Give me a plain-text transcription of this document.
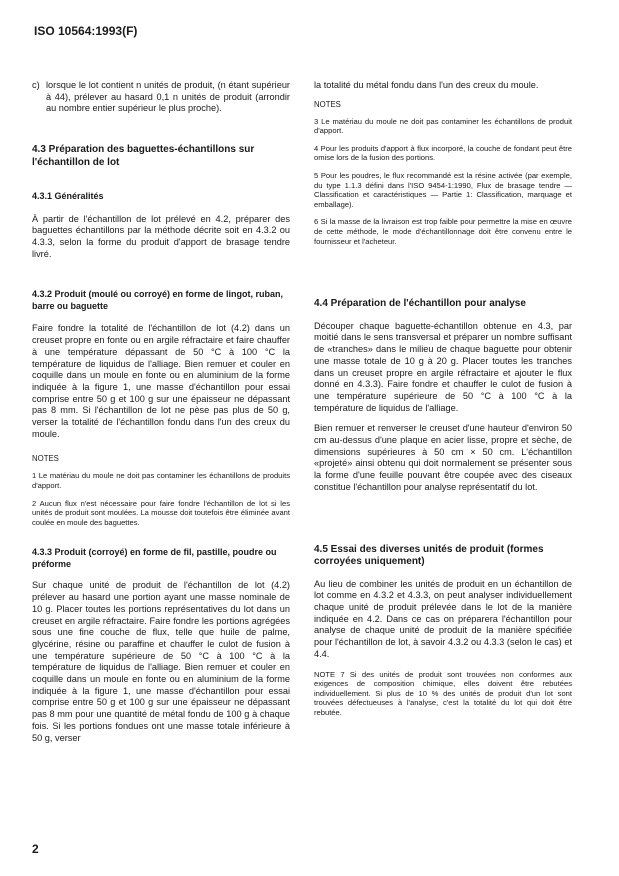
ISO 10564:1993(F)
c) lorsque le lot contient n unités de produit, (n étant supérieur à 44), prélever au hasard 0,1 n unités de produit (arrondir au nombre entier supérieur le plus proche).
4.3 Préparation des baguettes-échantillons sur l'échantillon de lot
4.3.1 Généralités

À partir de l'échantillon de lot prélevé en 4.2, préparer des baguettes échantillons par la méthode décrite soit en 4.3.2 ou 4.3.3, selon la forme du produit d'apport de brasage tendre livré.

4.3.2 Produit (moulé ou corroyé) en forme de lingot, ruban, barre ou baguette

Faire fondre la totalité de l'échantillon de lot (4.2) dans un creuset propre en fonte ou en argile réfractaire et faire chauffer à une température dépassant de 50 °C à 100 °C la température de liquidus de l'alliage. Bien remuer et couler en coquille dans un moule en fonte ou en aluminium de la forme indiquée à la figure 1, une masse d'échantillon pour essai comprise entre 50 g et 100 g sur une épaisseur ne dépassant pas 8 mm. Si l'échantillon de lot ne pèse pas plus de 50 g, verser la totalité de l'échantillon fondu dans l'un des creux du moule.

NOTES

1 Le matériau du moule ne doit pas contaminer les échantillons de produits d'apport.

2 Aucun flux n'est nécessaire pour faire fondre l'échantillon de lot si les unités de produit sont moulées. La mousse doit toutefois être éliminée avant coulée en moule des baguettes.

4.3.3 Produit (corroyé) en forme de fil, pastille, poudre ou préforme

Sur chaque unité de produit de l'échantillon de lot (4.2) prélever au hasard une portion ayant une masse nominale de 10 g. Placer toutes les portions représentatives du lot dans un creuset en argile réfractaire. Faire fondre les portions agrégées sous une fine couche de flux, telle que huile de palme, glycérine, résine ou paraffine et chauffer le culot de fusion à une température supérieure de 50 °C à 100 °C à la température de liquidus de l'alliage. Bien remuer et couler en coquille dans un moule en fonte ou en aluminium de la forme indiquée à la figure 1, une masse d'échantillon pour essai comprise entre 50 g et 100 g sur une épaisseur ne dépassant pas 8 mm pour une quantité de métal fondu de 100 g à chaque fois. Si les portions fondues ont une masse totale inférieure à 50 g, verser

la totalité du métal fondu dans l'un des creux du moule.

NOTES

3 Le matériau du moule ne doit pas contaminer les échantillons de produit d'apport.

4 Pour les produits d'apport à flux incorporé, la couche de fondant peut être omise lors de la fusion des portions.

5 Pour les poudres, le flux recommandé est la résine activée (par exemple, du type 1.1.3 défini dans l'ISO 9454-1:1990, Flux de brasage tendre — Classification et caractéristiques — Partie 1: Classification, marquage et emballage).

6 Si la masse de la livraison est trop faible pour permettre la mise en œuvre de cette méthode, le mode d'échantillonnage doit être convenu entre le fournisseur et l'acheteur.

4.4 Préparation de l'échantillon pour analyse

Découper chaque baguette-échantillon obtenue en 4.3, par moitié dans le sens transversal et préparer un nombre suffisant de «tranches» dans le milieu de chaque baguette pour obtenir une masse totale de 10 g à 20 g. Placer toutes les tranches dans un creuset propre en argile réfractaire et ajouter le flux donné en 4.3.3). Faire fondre et chauffer le culot de fusion à une température supérieure de 50 °C à 100 °C à la température de liquidus de l'alliage.

Bien remuer et renverser le creuset d'une hauteur d'environ 50 cm au-dessus d'une plaque en acier lisse, propre et sèche, de dimensions supérieures à 50 cm × 50 cm. L'échantillon «projeté» ainsi obtenu qui doit normalement se présenter sous la forme d'une feuille pouvant être coupée avec des ciseaux constitue l'échantillon pour analyse représentatif du lot.

4.5 Essai des diverses unités de produit (formes corroyées uniquement)

Au lieu de combiner les unités de produit en un échantillon de lot comme en 4.3.2 et 4.3.3, on peut analyser individuellement chaque unité de produit prélevée dans le lot de la manière indiquée en 4.2. Dans ce cas on préparera l'échantillon pour analyse de chaque unité de produit de la manière spécifiée pour l'échantillon de lot, à savoir 4.3.2 ou 4.3.3 (selon le cas) et 4.4.

NOTE 7 Si des unités de produit sont trouvées non conformes aux exigences de composition chimique, elles doivent être rebutées individuellement. Si plus de 10 % des unités de produit d'un lot sont trouvées défectueuses à l'analyse, c'est la totalité du lot qui doit être rebutée.

2
